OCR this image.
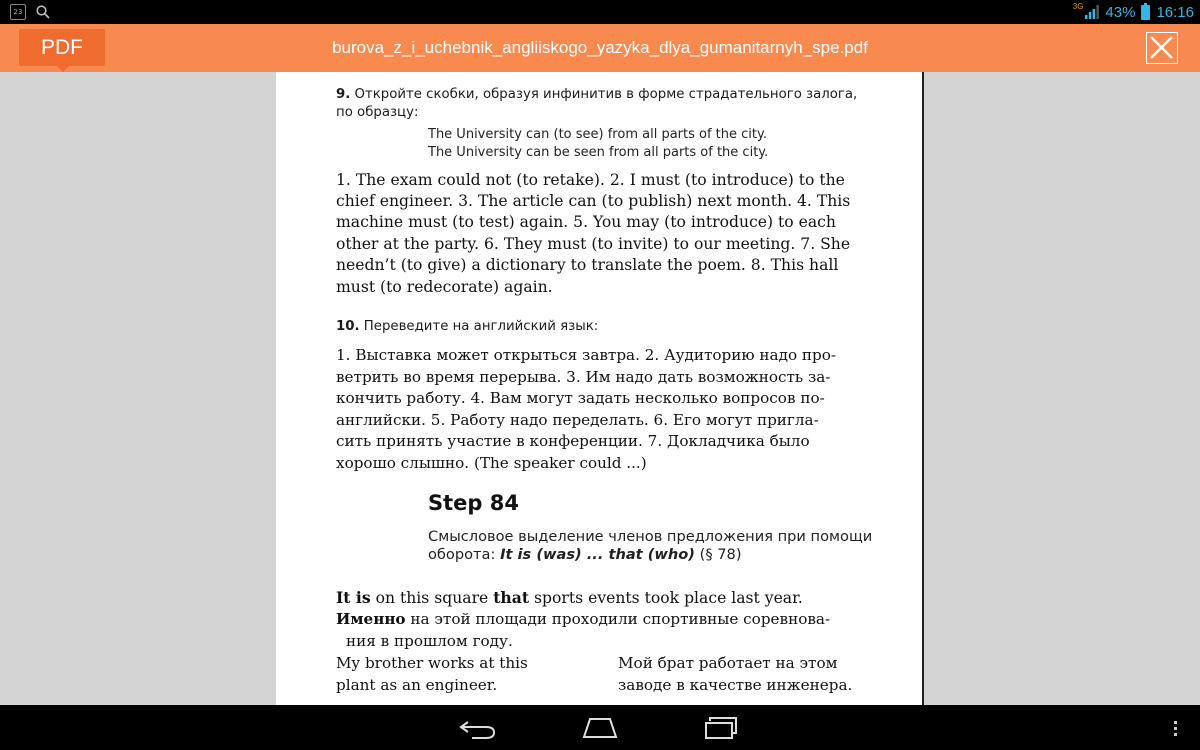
23
3G 43% 16:16
burova_z_i_uchebnik_angliiskogo_yazyka_dlya_gumanitarnyh_spe.pdf
PDF
9. Откройте скобки, образуя инфинитив в форме страдательного залога,
по образцу:
The University can (to see) from all parts of the city.
The University can be seen from all parts of the city.
1. The exam could not (to retake). 2. I must (to introduce) to the
chief engineer. 3. The article can (to publish) next month. 4. This
machine must (to test) again. 5. You may (to introduce) to each
other at the party. 6. They must (to invite) to our meeting. 7. She
needn’t (to give) a dictionary to translate the poem. 8. This hall
must (to redecorate) again.
10. Переведите на английский язык:
1. Выставка может открыться завтра. 2. Аудиторию надо про-
ветрить во время перерыва. 3. Им надо дать возможность за-
кончить работу. 4. Вам могут задать несколько вопросов по-
английски. 5. Работу надо переделать. 6. Его могут пригла-
сить принять участие в конференции. 7. Докладчика было
хорошо слышно. (The speaker could ...)
Step 84
Смысловое выделение членов предложения при помощи
оборота: It is (was) ... that (who) (§ 78)
It is on this square that sports events took place last year.
Именно на этой площади проходили спортивные соревнова-
ния в прошлом году.
My brother works at this
plant as an engineer.
Мой брат работает на этом
заводе в качестве инженера.
